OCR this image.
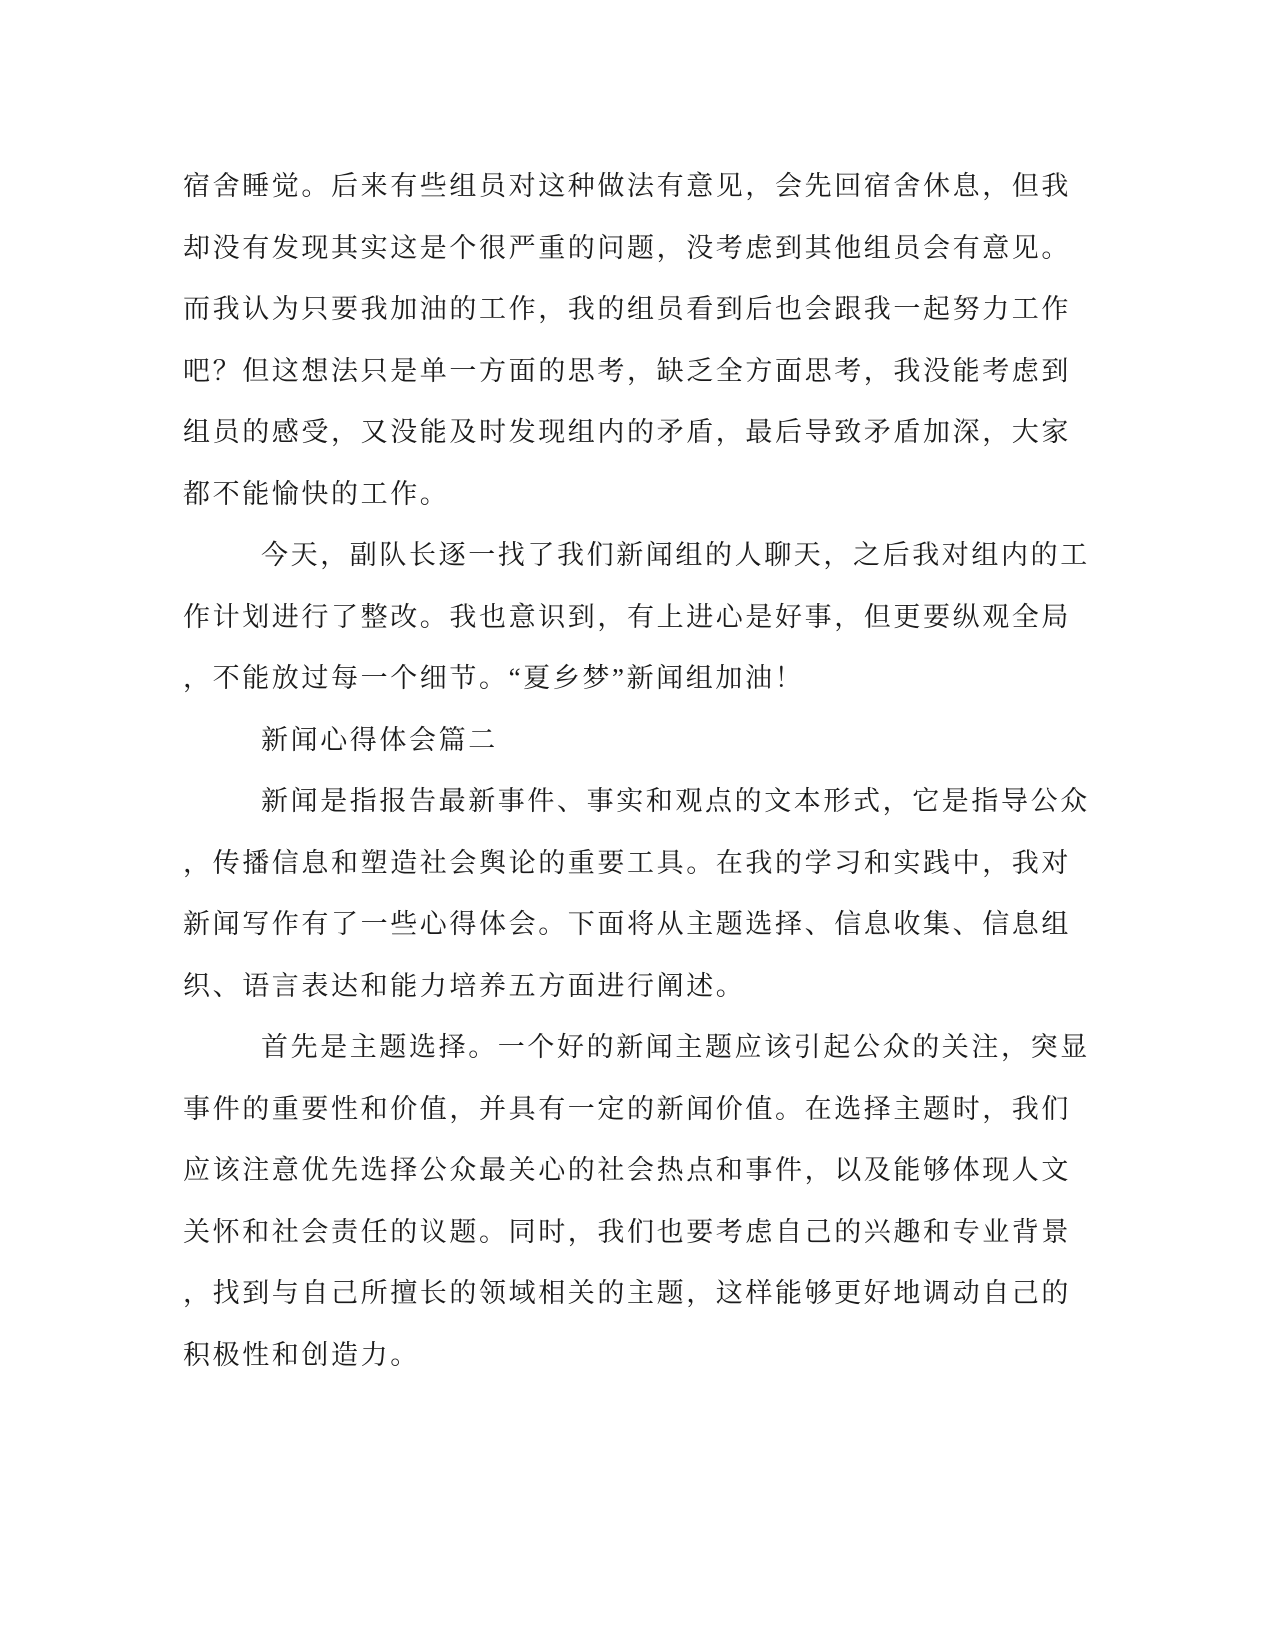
宿舍睡觉。后来有些组员对这种做法有意见，会先回宿舍休息，但我
却没有发现其实这是个很严重的问题，没考虑到其他组员会有意见。
而我认为只要我加油的工作，我的组员看到后也会跟我一起努力工作
吧？但这想法只是单一方面的思考，缺乏全方面思考，我没能考虑到
组员的感受，又没能及时发现组内的矛盾，最后导致矛盾加深，大家
都不能愉快的工作。
今天，副队长逐一找了我们新闻组的人聊天，之后我对组内的工
作计划进行了整改。我也意识到，有上进心是好事，但更要纵观全局
，不能放过每一个细节。“夏乡梦”新闻组加油！
新闻心得体会篇二
新闻是指报告最新事件、事实和观点的文本形式，它是指导公众
，传播信息和塑造社会舆论的重要工具。在我的学习和实践中，我对
新闻写作有了一些心得体会。下面将从主题选择、信息收集、信息组
织、语言表达和能力培养五方面进行阐述。
首先是主题选择。一个好的新闻主题应该引起公众的关注，突显
事件的重要性和价值，并具有一定的新闻价值。在选择主题时，我们
应该注意优先选择公众最关心的社会热点和事件，以及能够体现人文
关怀和社会责任的议题。同时，我们也要考虑自己的兴趣和专业背景
，找到与自己所擅长的领域相关的主题，这样能够更好地调动自己的
积极性和创造力。
